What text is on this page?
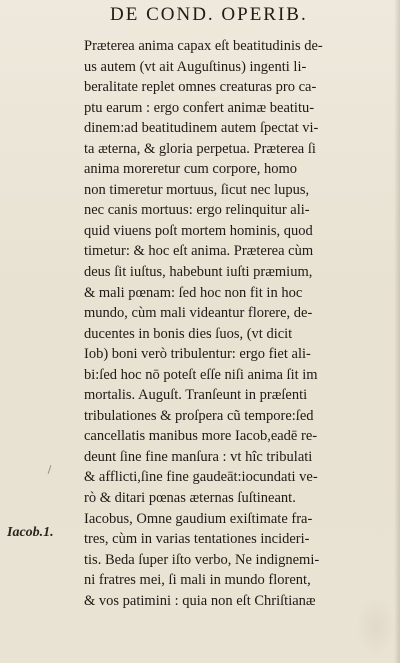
DE COND. OPERIB.
Præterea anima capax eſt beatitudinis de-
us autem (vt ait Auguſtinus) ingenti li-
beralitate replet omnes creaturas pro ca-
ptu earum : ergo confert animæ beatitu-
dinem:ad beatitudinem autem ſpectat vi-
ta æterna, & gloria perpetua. Præterea ſi
anima moreretur cum corpore, homo
non timeretur mortuus, ſicut nec lupus,
nec canis mortuus: ergo relinquitur ali-
quid viuens poſt mortem hominis, quod
timetur: & hoc eſt anima. Præterea cùm
deus ſit iuſtus, habebunt iuſti præmium,
& mali pœnam: ſed hoc non fit in hoc
mundo, cùm mali videantur florere, de-
ducentes in bonis dies ſuos, (vt dicit
Iob) boni verò tribulentur: ergo fiet ali-
bi:ſed hoc nō poteſt eſſe niſi anima ſit im
mortalis. Auguſt. Tranſeunt in præſenti
tribulationes & proſpera cũ tempore:ſed
cancellatis manibus more Iacob,eadē re-
deunt ſine fine manſura : vt hîc tribulati
& afflicti,ſine fine gaudeāt:iocundati ve-
rò & ditari pœnas æternas ſuſtineant.
Iacobus, Omne gaudium exiſtimate fra-
tres, cùm in varias tentationes incideri-
tis. Beda ſuper iſto verbo, Ne indignemi-
ni fratres mei, ſi mali in mundo florent,
& vos patimini : quia non eſt Chriſtianæ
Iacob.1.
